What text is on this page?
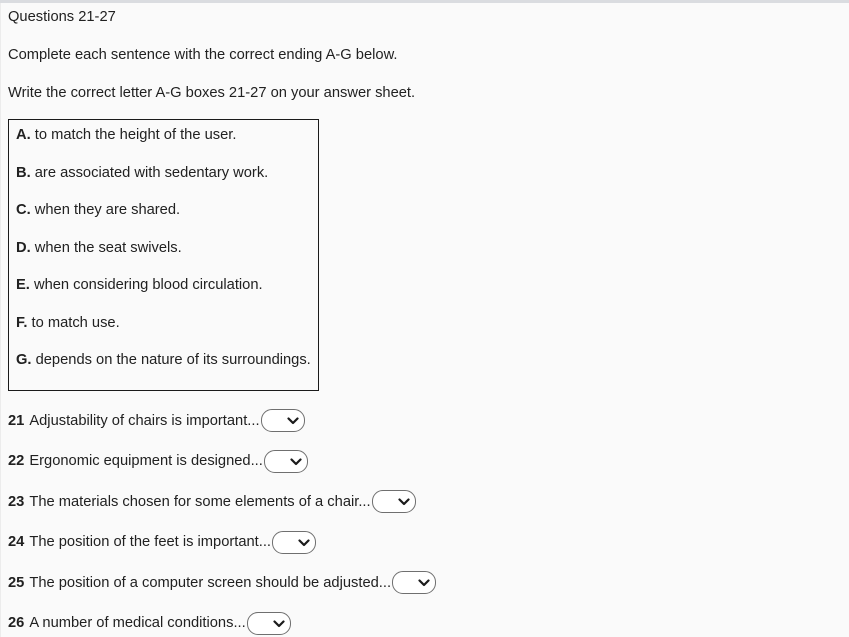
Questions 21-27

Complete each sentence with the correct ending A-G below.

Write the correct letter A-G boxes 21-27 on your answer sheet.

A. to match the height of the user.
B. are associated with sedentary work.
C. when they are shared.
D. when the seat swivels.
E. when considering blood circulation.
F. to match use.
G. depends on the nature of its surroundings.
21 Adjustability of chairs is important...
22 Ergonomic equipment is designed...
23 The materials chosen for some elements of a chair...
24 The position of the feet is important...
25 The position of a computer screen should be adjusted...
26 A number of medical conditions...
